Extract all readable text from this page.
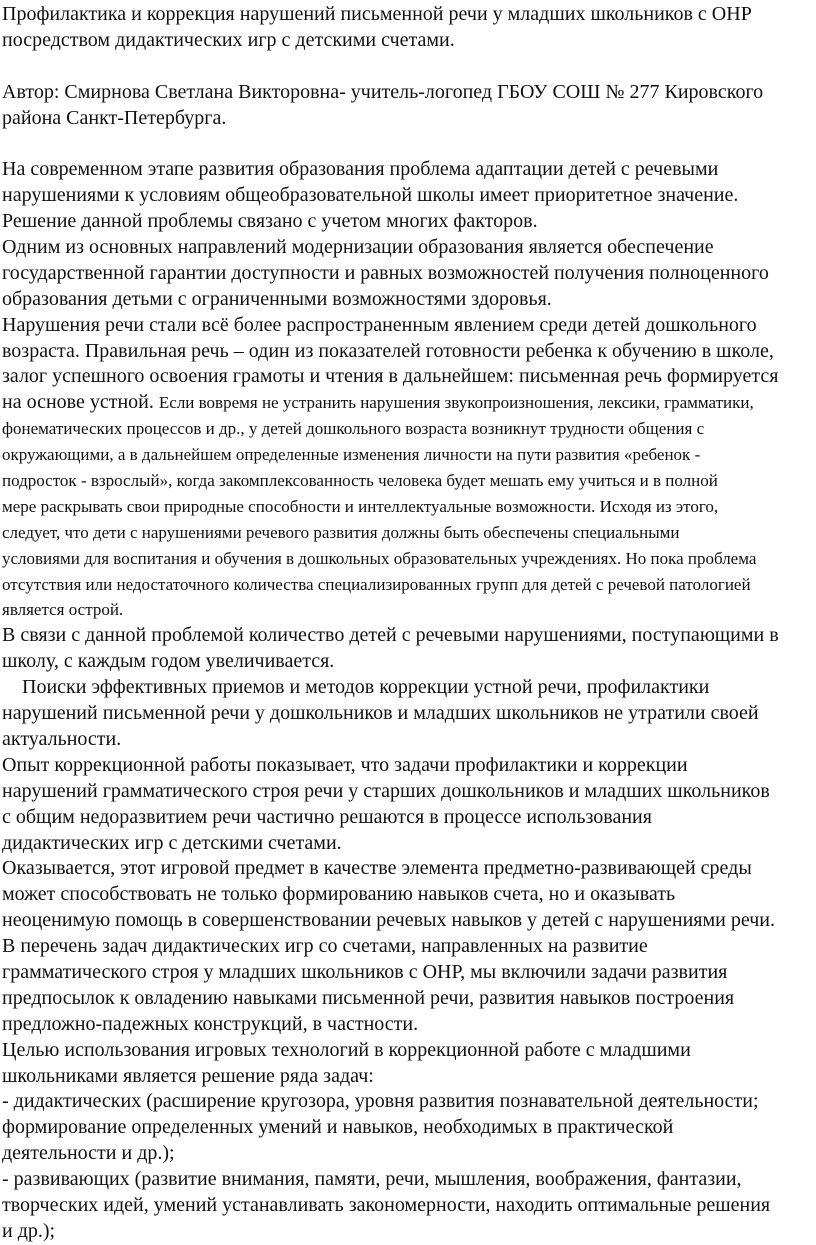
Профилактика и коррекция нарушений письменной речи у младших школьников с ОНР
посредством дидактических игр с детскими счетами.
Автор: Смирнова Светлана Викторовна- учитель-логопед ГБОУ СОШ № 277 Кировского
района Санкт-Петербурга.
На современном этапе развития образования проблема адаптации детей с речевыми
нарушениями к условиям общеобразовательной школы имеет приоритетное значение.
Решение данной проблемы связано с учетом многих факторов.
Одним из основных направлений модернизации образования является обеспечение
государственной гарантии доступности и равных возможностей получения полноценного
образования детьми с ограниченными возможностями здоровья.
Нарушения речи стали всё более распространенным явлением среди детей дошкольного
возраста. Правильная речь – один из показателей готовности ребенка к обучению в школе,
залог успешного освоения грамоты и чтения в дальнейшем: письменная речь формируется
на основе устной. Если вовремя не устранить нарушения звукопроизношения, лексики, грамматики,
фонематических процессов и др., у детей дошкольного возраста возникнут трудности общения с
окружающими, а в дальнейшем определенные изменения личности на пути развития «ребенок -
подросток - взрослый», когда закомплексованность человека будет мешать ему учиться и в полной
мере раскрывать свои природные способности и интеллектуальные возможности. Исходя из этого,
следует, что дети с нарушениями речевого развития должны быть обеспечены специальными
условиями для воспитания и обучения в дошкольных образовательных учреждениях. Но пока проблема
отсутствия или недостаточного количества специализированных групп для детей с речевой патологией
является острой.
В связи с данной проблемой количество детей с речевыми нарушениями, поступающими в
школу, с каждым годом увеличивается.
Поиски эффективных приемов и методов коррекции устной речи, профилактики
нарушений письменной речи у дошкольников и младших школьников не утратили своей
актуальности.
Опыт коррекционной работы показывает, что задачи профилактики и коррекции
нарушений грамматического строя речи у старших дошкольников и младших школьников
с общим недоразвитием речи частично решаются в процессе использования
дидактических игр с детскими счетами.
Оказывается, этот игровой предмет в качестве элемента предметно-развивающей среды
может способствовать не только формированию навыков счета, но и оказывать
неоценимую помощь в совершенствовании речевых навыков у детей с нарушениями речи.
В перечень задач дидактических игр со счетами, направленных на развитие
грамматического строя у младших школьников с ОНР, мы включили задачи развития
предпосылок к овладению навыками письменной речи, развития навыков построения
предложно-падежных конструкций, в частности.
Целью использования игровых технологий в коррекционной работе с младшими
школьниками является решение ряда задач:
- дидактических (расширение кругозора, уровня развития познавательной деятельности;
формирование определенных умений и навыков, необходимых в практической
деятельности и др.);
- развивающих (развитие внимания, памяти, речи, мышления, воображения, фантазии,
творческих идей, умений устанавливать закономерности, находить оптимальные решения
и др.);
